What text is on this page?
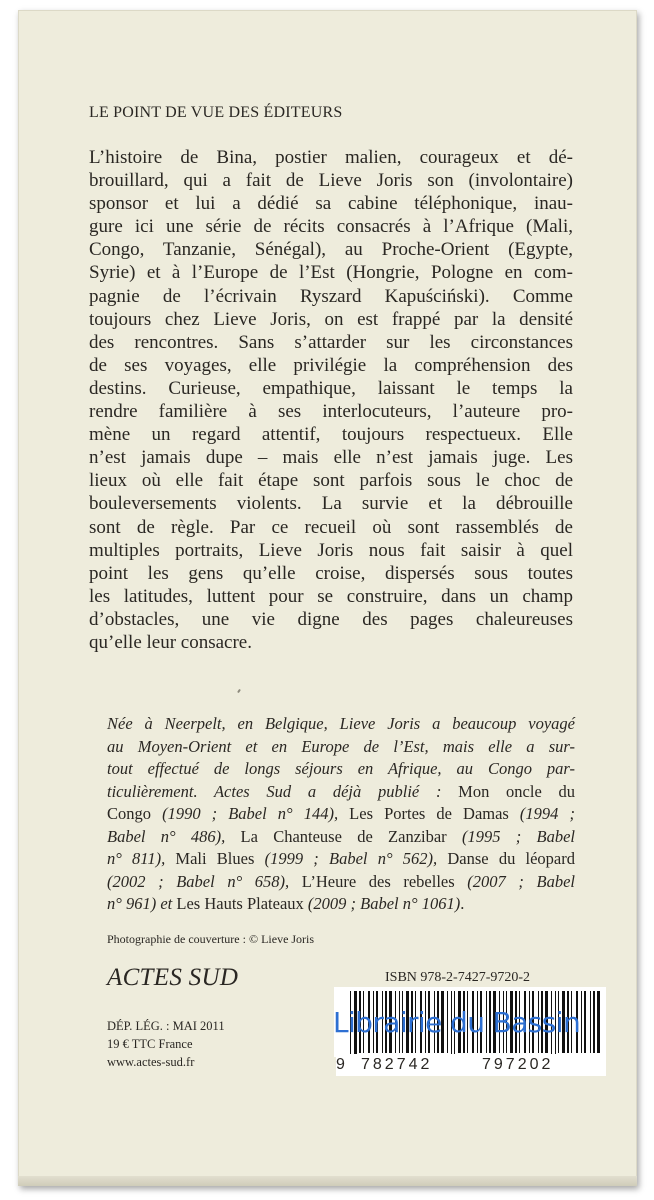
LE POINT DE VUE DES ÉDITEURS
L’histoire de Bina, postier malien, courageux et dé-
brouillard, qui a fait de Lieve Joris son (involontaire)
sponsor et lui a dédié sa cabine téléphonique, inau-
gure ici une série de récits consacrés à l’Afrique (Mali,
Congo, Tanzanie, Sénégal), au Proche-Orient (Egypte,
Syrie) et à l’Europe de l’Est (Hongrie, Pologne en com-
pagnie de l’écrivain Ryszard Kapuściński). Comme
toujours chez Lieve Joris, on est frappé par la densité
des rencontres. Sans s’attarder sur les circonstances
de ses voyages, elle privilégie la compréhension des
destins. Curieuse, empathique, laissant le temps la
rendre familière à ses interlocuteurs, l’auteure pro-
mène un regard attentif, toujours respectueux. Elle
n’est jamais dupe – mais elle n’est jamais juge. Les
lieux où elle fait étape sont parfois sous le choc de
bouleversements violents. La survie et la débrouille
sont de règle. Par ce recueil où sont rassemblés de
multiples portraits, Lieve Joris nous fait saisir à quel
point les gens qu’elle croise, dispersés sous toutes
les latitudes, luttent pour se construire, dans un champ
d’obstacles, une vie digne des pages chaleureuses
qu’elle leur consacre.
Née à Neerpelt, en Belgique, Lieve Joris a beaucoup voyagé
au Moyen-Orient et en Europe de l’Est, mais elle a sur-
tout effectué de longs séjours en Afrique, au Congo par-
ticulièrement. Actes Sud a déjà publié : Mon oncle du
Congo (1990 ; Babel n° 144), Les Portes de Damas (1994 ;
Babel n° 486), La Chanteuse de Zanzibar (1995 ; Babel
n° 811), Mali Blues (1999 ; Babel n° 562), Danse du léopard
(2002 ; Babel n° 658), L’Heure des rebelles (2007 ; Babel
n° 961) et Les Hauts Plateaux (2009 ; Babel n° 1061).
Photographie de couverture : © Lieve Joris
ACTES SUD
DÉP. LÉG. : MAI 2011
19 € TTC France
www.actes-sud.fr
ISBN 978-2-7427-9720-2
9 782742	797202
Librairie du Bassin
